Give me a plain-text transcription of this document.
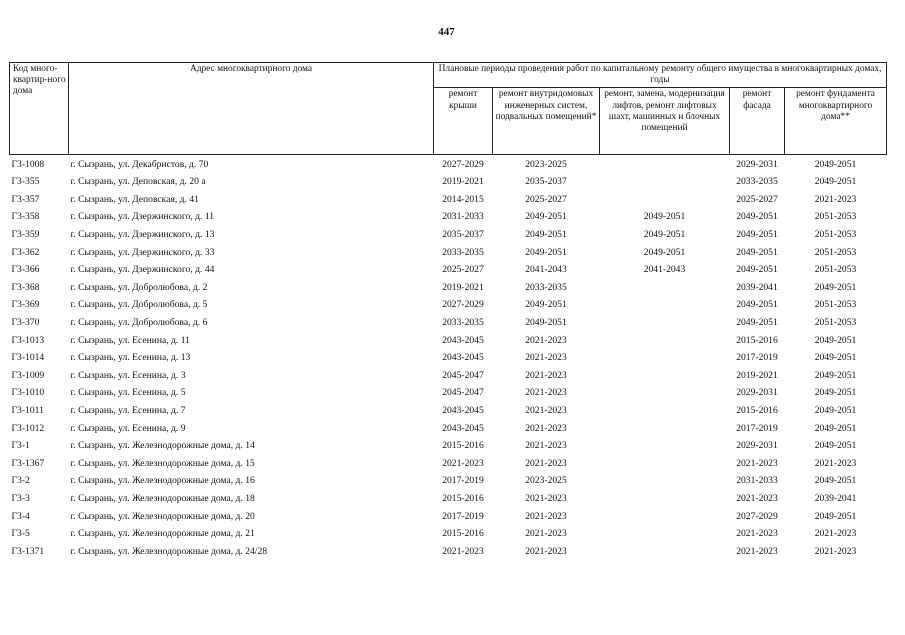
447
Код много-квартир-ного дома	Адрес многоквартирного дома	Плановые периоды проведения работ по капитальному ремонту общего имущества в многоквартирных домах, годы				
		ремонт крыши	ремонт внутридомовых инженерных систем, подвальных помещений*	ремонт, замена, модернизация лифтов, ремонт лифтовых шахт, машинных и блочных помещений	ремонт фасада	ремонт фундамента многоквартирного дома**
Г3-1008	г. Сызрань, ул. Декабристов, д. 70	2027-2029	2023-2025		2029-2031	2049-2051
Г3-355	г. Сызрань, ул. Деповская, д. 20 а	2019-2021	2035-2037		2033-2035	2049-2051
Г3-357	г. Сызрань, ул. Деповская, д. 41	2014-2015	2025-2027		2025-2027	2021-2023
Г3-358	г. Сызрань, ул. Дзержинского, д. 11	2031-2033	2049-2051	2049-2051	2049-2051	2051-2053
Г3-359	г. Сызрань, ул. Дзержинского, д. 13	2035-2037	2049-2051	2049-2051	2049-2051	2051-2053
Г3-362	г. Сызрань, ул. Дзержинского, д. 33	2033-2035	2049-2051	2049-2051	2049-2051	2051-2053
Г3-366	г. Сызрань, ул. Дзержинского, д. 44	2025-2027	2041-2043	2041-2043	2049-2051	2051-2053
Г3-368	г. Сызрань, ул. Добролюбова, д. 2	2019-2021	2033-2035		2039-2041	2049-2051
Г3-369	г. Сызрань, ул. Добролюбова, д. 5	2027-2029	2049-2051		2049-2051	2051-2053
Г3-370	г. Сызрань, ул. Добролюбова, д. 6	2033-2035	2049-2051		2049-2051	2051-2053
Г3-1013	г. Сызрань, ул. Есенина, д. 11	2043-2045	2021-2023		2015-2016	2049-2051
Г3-1014	г. Сызрань, ул. Есенина, д. 13	2043-2045	2021-2023		2017-2019	2049-2051
Г3-1009	г. Сызрань, ул. Есенина, д. 3	2045-2047	2021-2023		2019-2021	2049-2051
Г3-1010	г. Сызрань, ул. Есенина, д. 5	2045-2047	2021-2023		2029-2031	2049-2051
Г3-1011	г. Сызрань, ул. Есенина, д. 7	2043-2045	2021-2023		2015-2016	2049-2051
Г3-1012	г. Сызрань, ул. Есенина, д. 9	2043-2045	2021-2023		2017-2019	2049-2051
Г3-1	г. Сызрань, ул. Железнодорожные дома, д. 14	2015-2016	2021-2023		2029-2031	2049-2051
Г3-1367	г. Сызрань, ул. Железнодорожные дома, д. 15	2021-2023	2021-2023		2021-2023	2021-2023
Г3-2	г. Сызрань, ул. Железнодорожные дома, д. 16	2017-2019	2023-2025		2031-2033	2049-2051
Г3-3	г. Сызрань, ул. Железнодорожные дома, д. 18	2015-2016	2021-2023		2021-2023	2039-2041
Г3-4	г. Сызрань, ул. Железнодорожные дома, д. 20	2017-2019	2021-2023		2027-2029	2049-2051
Г3-5	г. Сызрань, ул. Железнодорожные дома, д. 21	2015-2016	2021-2023		2021-2023	2021-2023
Г3-1371	г. Сызрань, ул. Железнодорожные дома, д. 24/28	2021-2023	2021-2023		2021-2023	2021-2023
